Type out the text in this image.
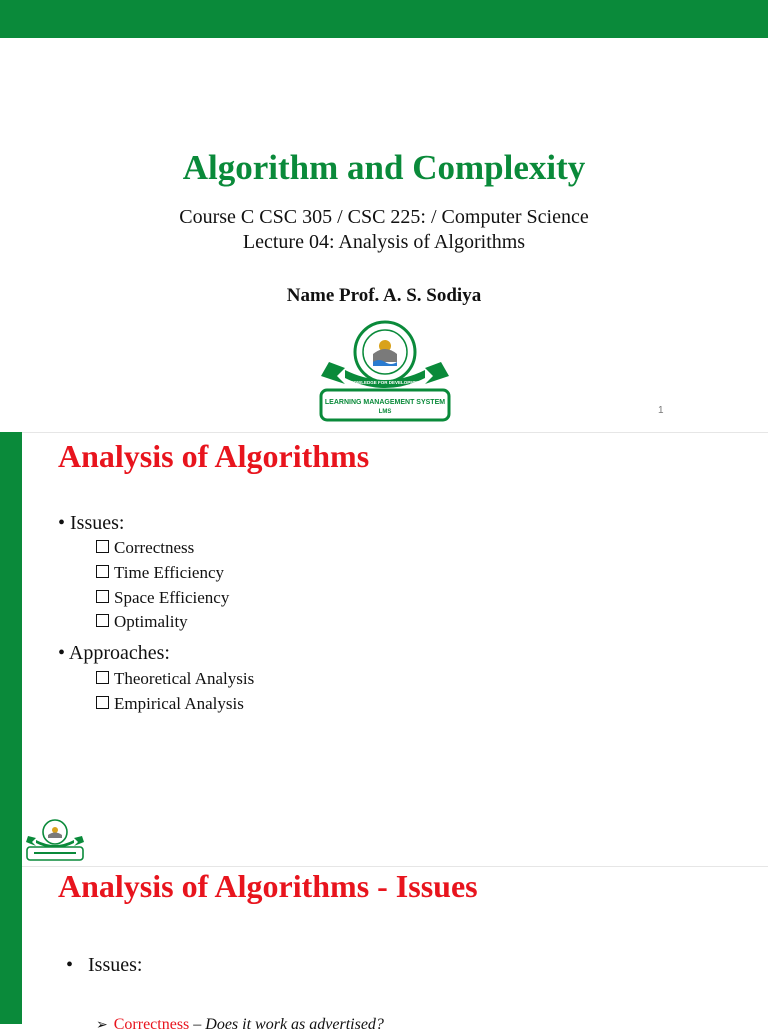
Algorithm and Complexity
Course C CSC 305 / CSC 225: / Computer Science
Lecture 04: Analysis of Algorithms
Name Prof. A. S. Sodiya
KNOWLEDGE FOR DEVELOPMENT
LEARNING MANAGEMENT SYSTEM
LMS	1
Analysis of Algorithms
• Issues:
Correctness
Time Efficiency
Space Efficiency
Optimality
• Approaches:
Theoretical Analysis
Empirical Analysis
Analysis of Algorithms - Issues
•   Issues:
➢ Correctness – Does it work as advertised?
